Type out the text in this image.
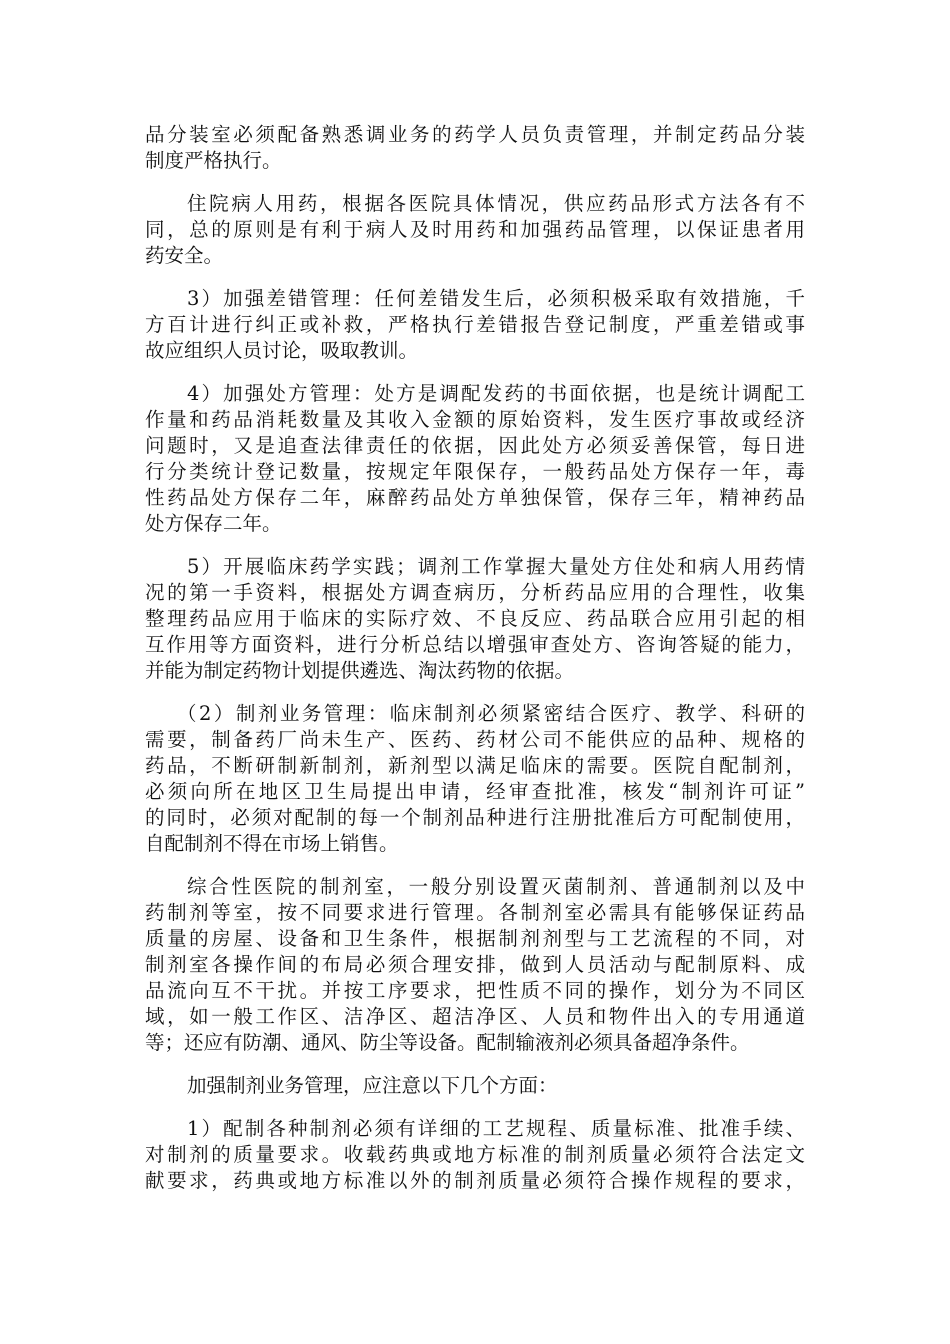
品分装室必须配备熟悉调业务的药学人员负责管理，并制定药品分装
制度严格执行。

住院病人用药，根据各医院具体情况，供应药品形式方法各有不
同，总的原则是有利于病人及时用药和加强药品管理，以保证患者用
药安全。

3）加强差错管理：任何差错发生后，必须积极采取有效措施，千
方百计进行纠正或补救，严格执行差错报告登记制度，严重差错或事
故应组织人员讨论，吸取教训。

4）加强处方管理：处方是调配发药的书面依据，也是统计调配工
作量和药品消耗数量及其收入金额的原始资料，发生医疗事故或经济
问题时，又是追查法律责任的依据，因此处方必须妥善保管，每日进
行分类统计登记数量，按规定年限保存，一般药品处方保存一年，毒
性药品处方保存二年，麻醉药品处方单独保管，保存三年，精神药品
处方保存二年。

5）开展临床药学实践；调剂工作掌握大量处方住处和病人用药情
况的第一手资料，根据处方调查病历，分析药品应用的合理性，收集
整理药品应用于临床的实际疗效、不良反应、药品联合应用引起的相
互作用等方面资料，进行分析总结以增强审查处方、咨询答疑的能力，
并能为制定药物计划提供遴选、淘汰药物的依据。

（2）制剂业务管理：临床制剂必须紧密结合医疗、教学、科研的
需要，制备药厂尚未生产、医药、药材公司不能供应的品种、规格的
药品，不断研制新制剂，新剂型以满足临床的需要。医院自配制剂，
必须向所在地区卫生局提出申请，经审查批准，核发“制剂许可证”
的同时，必须对配制的每一个制剂品种进行注册批准后方可配制使用，
自配制剂不得在市场上销售。

综合性医院的制剂室，一般分别设置灭菌制剂、普通制剂以及中
药制剂等室，按不同要求进行管理。各制剂室必需具有能够保证药品
质量的房屋、设备和卫生条件，根据制剂剂型与工艺流程的不同，对
制剂室各操作间的布局必须合理安排，做到人员活动与配制原料、成
品流向互不干扰。并按工序要求，把性质不同的操作，划分为不同区
域，如一般工作区、洁净区、超洁净区、人员和物件出入的专用通道
等；还应有防潮、通风、防尘等设备。配制输液剂必须具备超净条件。

加强制剂业务管理，应注意以下几个方面：

1）配制各种制剂必须有详细的工艺规程、质量标准、批准手续、
对制剂的质量要求。收载药典或地方标准的制剂质量必须符合法定文
献要求，药典或地方标准以外的制剂质量必须符合操作规程的要求，
